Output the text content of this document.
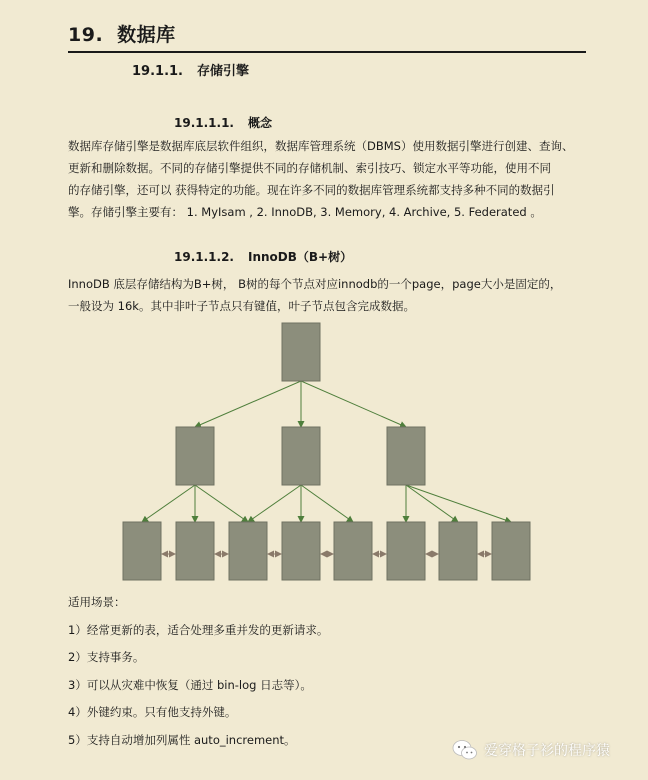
19. 数据库
19.1.1. 存储引擎
19.1.1.1. 概念

数据库存储引擎是数据库底层软件组织，数据库管理系统（DBMS）使用数据引擎进行创建、查询、
更新和删除数据。不同的存储引擎提供不同的存储机制、索引技巧、锁定水平等功能，使用不同
的存储引擎，还可以 获得特定的功能。现在许多不同的数据库管理系统都支持多种不同的数据引
擎。存储引擎主要有： 1. MyIsam , 2. InnoDB, 3. Memory, 4. Archive, 5. Federated 。

19.1.1.2. InnoDB（B+树）

InnoDB 底层存储结构为B+树， B树的每个节点对应innodb的一个page，page大小是固定的，
一般设为 16k。其中非叶子节点只有键值，叶子节点包含完成数据。

适用场景：
1）经常更新的表，适合处理多重并发的更新请求。
2）支持事务。
3）可以从灾难中恢复（通过 bin-log 日志等）。
4）外键约束。只有他支持外键。
5）支持自动增加列属性 auto_increment。
爱穿格子衫的程序猿
